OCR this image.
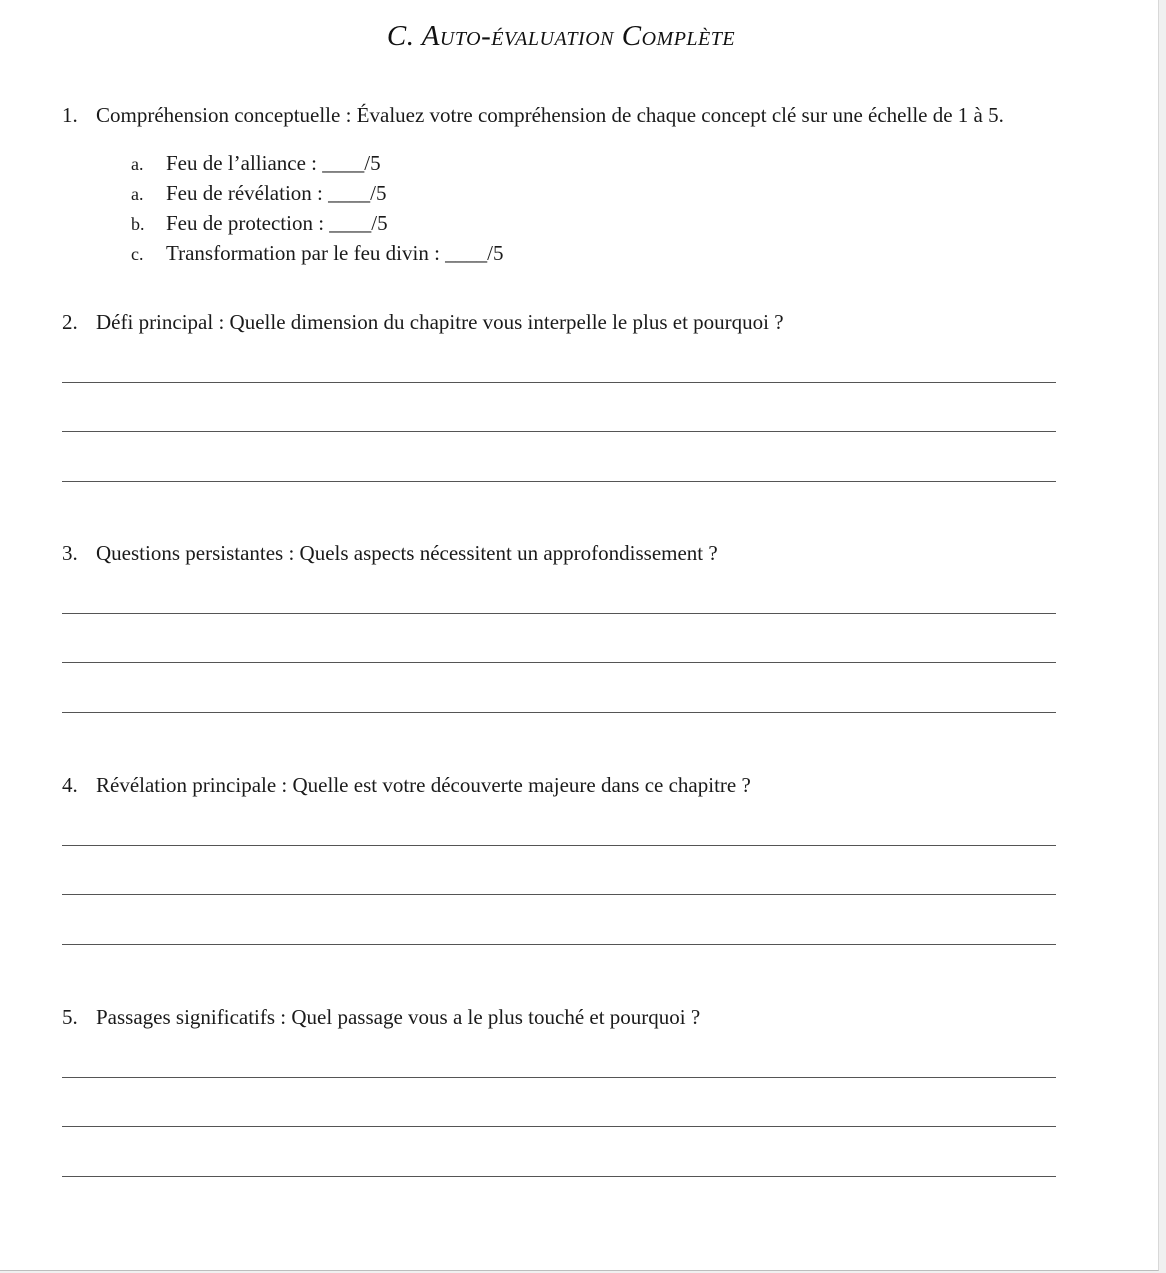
C. Auto-évaluation Complète
1. Compréhension conceptuelle : Évaluez votre compréhension de chaque concept clé sur une échelle de 1 à 5.
a. Feu de l’alliance : ____/5
a. Feu de révélation : ____/5
b. Feu de protection : ____/5
c. Transformation par le feu divin : ____/5
2. Défi principal : Quelle dimension du chapitre vous interpelle le plus et pourquoi ?
3. Questions persistantes : Quels aspects nécessitent un approfondissement ?
4. Révélation principale : Quelle est votre découverte majeure dans ce chapitre ?
5. Passages significatifs : Quel passage vous a le plus touché et pourquoi ?
